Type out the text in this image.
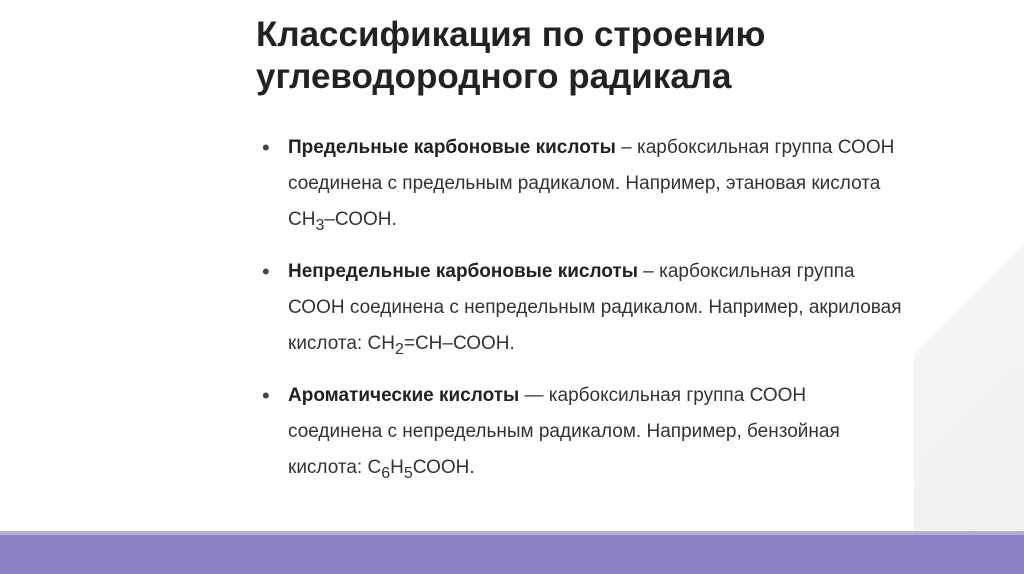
Классификация по строению
углеводородного радикала
• Предельные карбоновые кислоты – карбоксильная группа СООН соединена с предельным радикалом. Например, этановая кислота $СН_3$–СООН.
• Непредельные карбоновые кислоты – карбоксильная группа СООН соединена с непредельным радикалом. Например, акриловая кислота: $СН_2=СН$–СООН.
• Ароматические кислоты — карбоксильная группа СООН соединена с непредельным радикалом. Например, бензойная кислота: $С_6Н_5СООН$.
